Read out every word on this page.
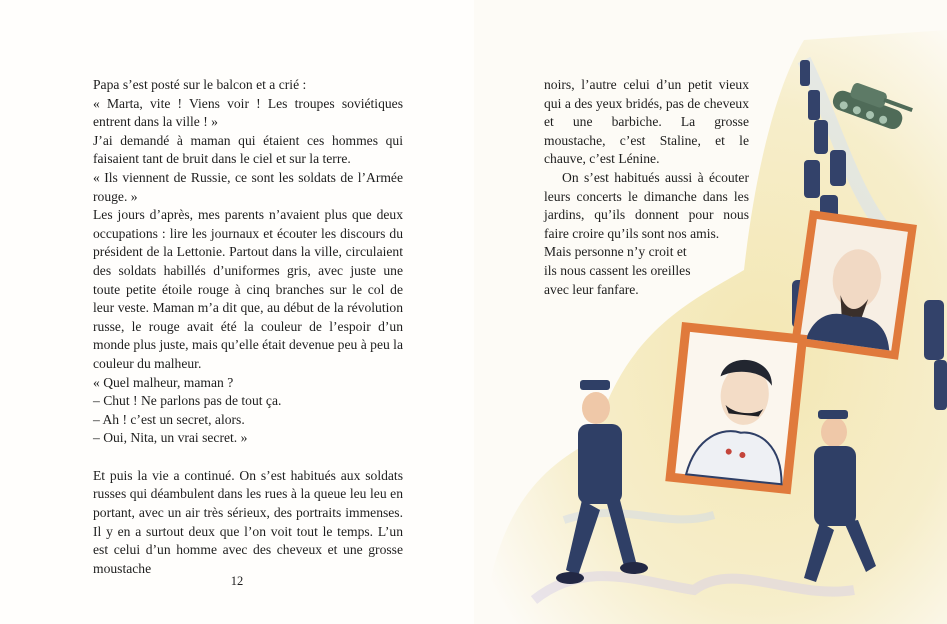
Papa s’est posté sur le balcon et a crié :

« Marta, vite ! Viens voir ! Les troupes soviétiques entrent dans la ville ! »

J’ai demandé à maman qui étaient ces hommes qui faisaient tant de bruit dans le ciel et sur la terre.

« Ils viennent de Russie, ce sont les soldats de l’Armée rouge. »

Les jours d’après, mes parents n’avaient plus que deux occupations : lire les journaux et écouter les discours du président de la Lettonie. Partout dans la ville, circulaient des soldats habillés d’uniformes gris, avec juste une toute petite étoile rouge à cinq branches sur le col de leur veste. Maman m’a dit que, au début de la révolution russe, le rouge avait été la couleur de l’espoir d’un monde plus juste, mais qu’elle était devenue peu à peu la couleur du malheur.

« Quel malheur, maman ?

– Chut ! Ne parlons pas de tout ça.

– Ah ! c’est un secret, alors.

– Oui, Nita, un vrai secret. »

Et puis la vie a continué. On s’est habitués aux soldats russes qui déambulent dans les rues à la queue leu leu en portant, avec un air très sérieux, des portraits immenses. Il y en a surtout deux que l’on voit tout le temps. L’un est celui d’un homme avec des cheveux et une grosse moustache

12

noirs, l’autre celui d’un petit vieux qui a des yeux bridés, pas de cheveux et une barbiche. La grosse moustache, c’est Staline, et le chauve, c’est Lénine.

On s’est habitués aussi à écouter leurs concerts le dimanche dans les jardins, qu’ils donnent pour nous faire croire qu’ils sont nos amis.

Mais personne n’y croit et

ils nous cassent les oreilles

avec leur fanfare.
